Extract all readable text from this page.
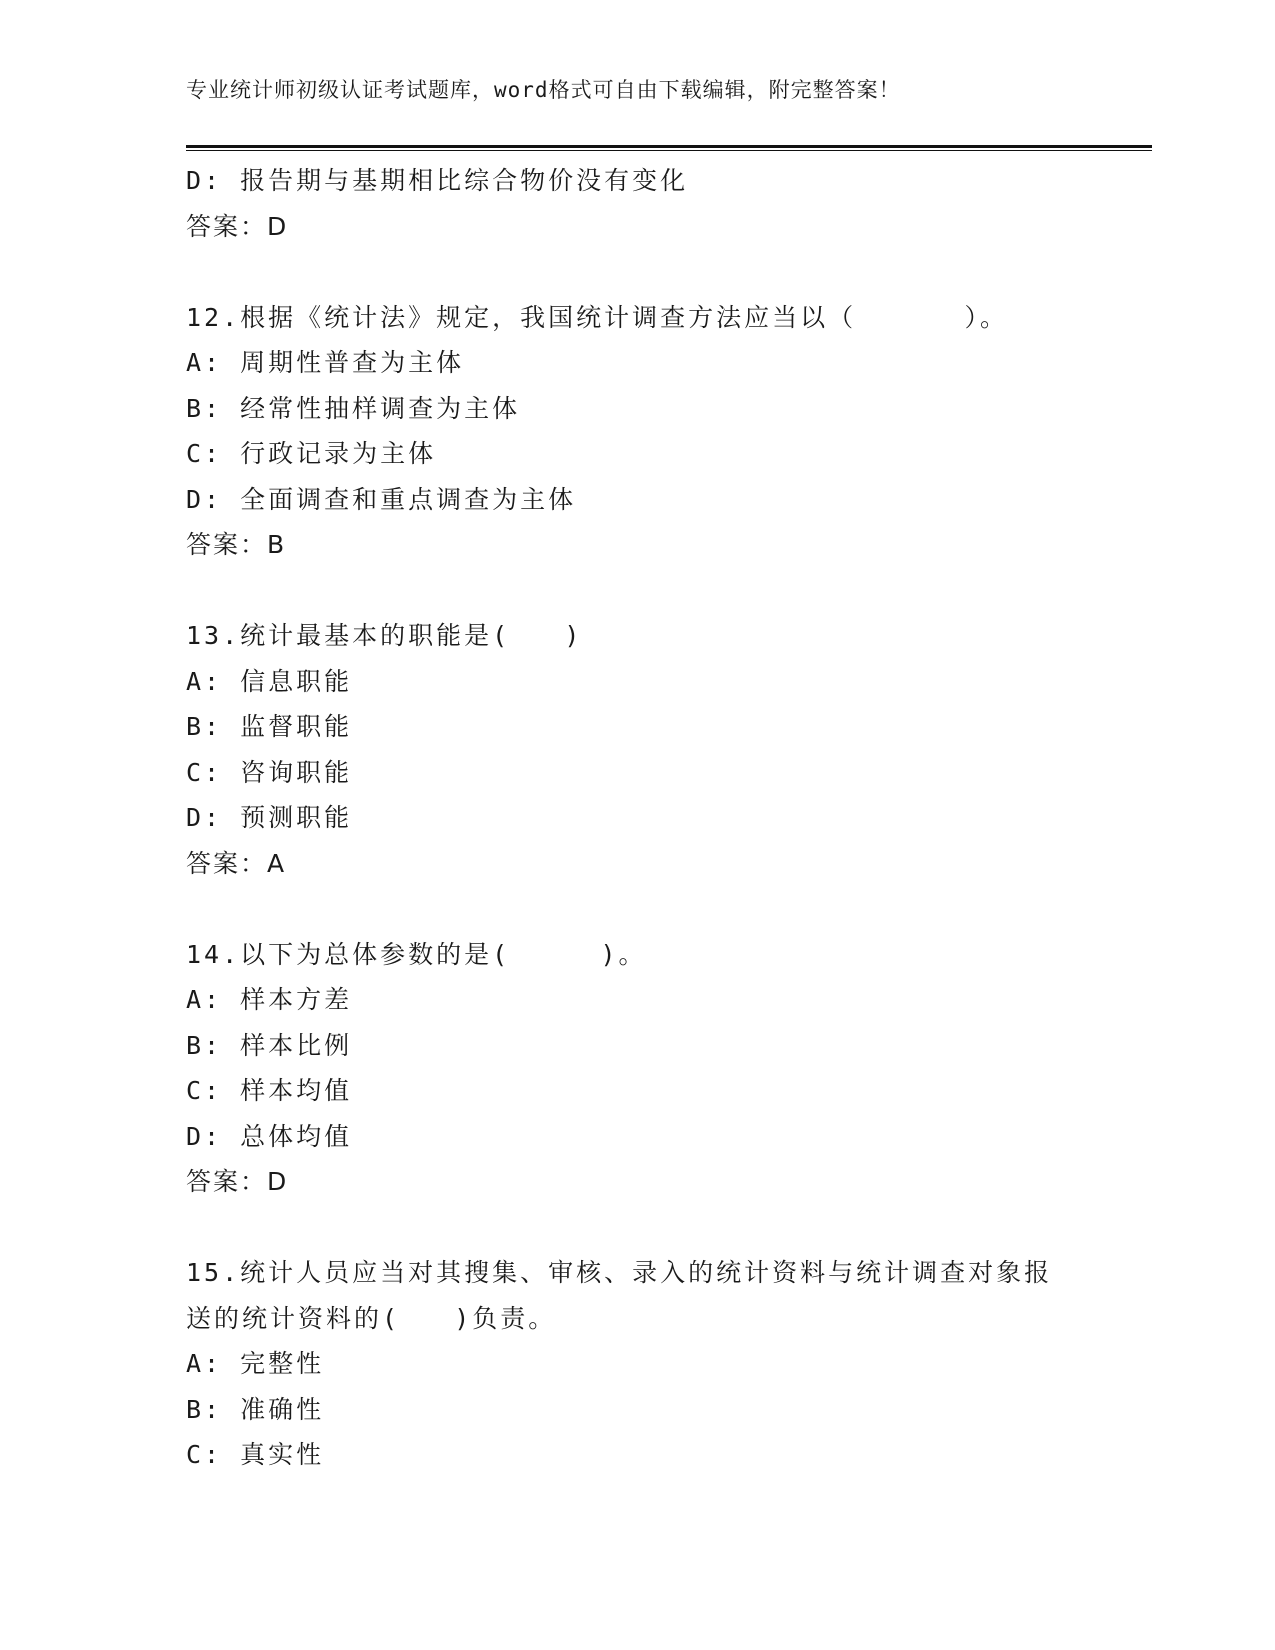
专业统计师初级认证考试题库，word格式可自由下载编辑，附完整答案！
D: 报告期与基期相比综合物价没有变化
答案：D
12.根据《统计法》规定，我国统计调查方法应当以（      ）。
A: 周期性普查为主体
B: 经常性抽样调查为主体
C: 行政记录为主体
D: 全面调查和重点调查为主体
答案：B
13.统计最基本的职能是(   )
A: 信息职能
B: 监督职能
C: 咨询职能
D: 预测职能
答案：A
14.以下为总体参数的是(     )。
A: 样本方差
B: 样本比例
C: 样本均值
D: 总体均值
答案：D
15.统计人员应当对其搜集、审核、录入的统计资料与统计调查对象报
送的统计资料的(   )负责。
A: 完整性
B: 准确性
C: 真实性
